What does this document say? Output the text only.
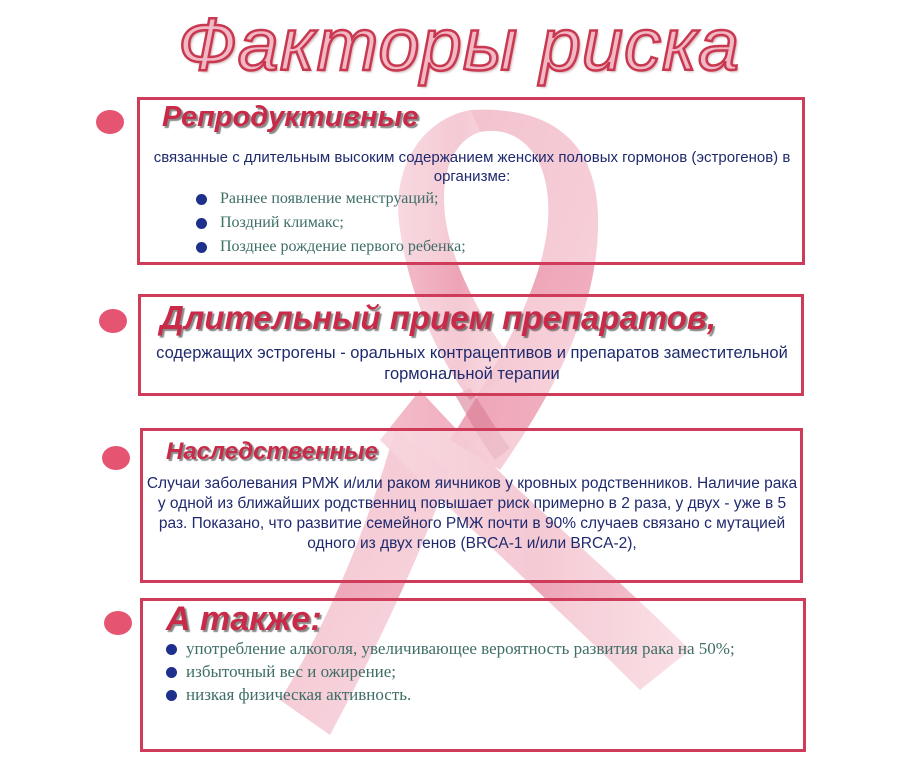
Факторы риска
Репродуктивные
связанные с длительным высоким содержанием женских половых гормонов (эстрогенов) в организме:
Раннее появление менструаций;
Поздний климакс;
Позднее рождение первого ребенка;
Длительный прием препаратов,
содержащих эстрогены - оральных контрацептивов и препаратов заместительной гормональной терапии
Наследственные
Случаи заболевания РМЖ и/или раком яичников у кровных родственников. Наличие рака у одной из ближайших родственниц повышает риск примерно в 2 раза, у двух - уже в 5 раз. Показано, что развитие семейного РМЖ почти в 90% случаев связано с мутацией одного из двух генов (BRCA-1 и/или BRCA-2),
А также:
употребление алкоголя, увеличивающее вероятность развития рака на 50%;
избыточный вес и ожирение;
низкая физическая активность.
